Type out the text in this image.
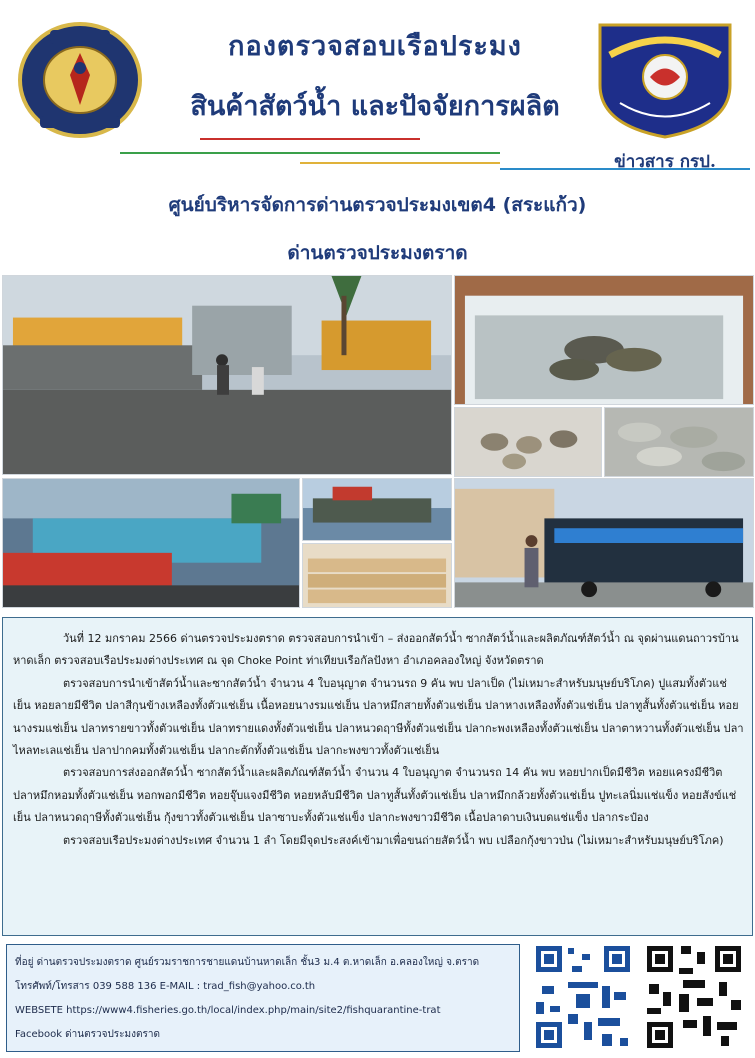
กองตรวจสอบเรือประมง
สินค้าสัตว์น้ำ และปัจจัยการผลิต
ข่าวสาร กรป.
ศูนย์บริหารจัดการด่านตรวจประมงเขต4 (สระแก้ว)
ด่านตรวจประมงตราด

วันที่ 12 มกราคม 2566 ด่านตรวจประมงตราด ตรวจสอบการนำเข้า – ส่งออกสัตว์น้ำ ซากสัตว์น้ำและผลิตภัณฑ์สัตว์น้ำ ณ จุดผ่านแดนถาวรบ้านหาดเล็ก ตรวจสอบเรือประมงต่างประเทศ ณ จุด Choke Point ท่าเทียบเรือกัลปังหา อำเภอคลองใหญ่ จังหวัดตราด

ตรวจสอบการนำเข้าสัตว์น้ำและซากสัตว์น้ำ จำนวน 4 ใบอนุญาต จำนวนรถ 9 คัน พบ ปลาเป็ด (ไม่เหมาะสำหรับมนุษย์บริโภค) ปูแสมทั้งตัวแช่เย็น หอยลายมีชีวิต ปลาสีกุนข้างเหลืองทั้งตัวแช่เย็น เนื้อหอยนางรมแช่เย็น ปลาหมึกสายทั้งตัวแช่เย็น ปลาหางเหลืองทั้งตัวแช่เย็น ปลาทูสั้นทั้งตัวแช่เย็น หอยนางรมแช่เย็น ปลาทรายขาวทั้งตัวแช่เย็น ปลาทรายแดงทั้งตัวแช่เย็น ปลาหนวดฤาษีทั้งตัวแช่เย็น ปลากะพงเหลืองทั้งตัวแช่เย็น ปลาตาหวานทั้งตัวแช่เย็น ปลาไหลทะเลแช่เย็น ปลาปากคมทั้งตัวแช่เย็น ปลากะตักทั้งตัวแช่เย็น ปลากะพงขาวทั้งตัวแช่เย็น

ตรวจสอบการส่งออกสัตว์น้ำ ซากสัตว์น้ำและผลิตภัณฑ์สัตว์น้ำ จำนวน 4 ใบอนุญาต จำนวนรถ 14 คัน พบ หอยปากเป็ดมีชีวิต หอยแครงมีชีวิต ปลาหมึกหอมทั้งตัวแช่เย็น หอกพอกมีชีวิต หอยจุ๊บแจงมีชีวิต หอยหลับมีชีวิต ปลาทูสั้นทั้งตัวแช่เย็น ปลาหมึกกล้วยทั้งตัวแช่เย็น ปูทะเลนิ่มแช่แข็ง หอยสังข์แช่เย็น ปลาหนวดฤาษีทั้งตัวแช่เย็น กุ้งขาวทั้งตัวแช่เย็น ปลาซาบะทั้งตัวแช่แข็ง ปลากะพงขาวมีชีวิต เนื้อปลาดาบเงินบดแช่แข็ง ปลากระป๋อง

ตรวจสอบเรือประมงต่างประเทศ จำนวน 1 ลำ โดยมีจุดประสงค์เข้ามาเพื่อขนถ่ายสัตว์น้ำ พบ เปลือกกุ้งขาวป่น (ไม่เหมาะสำหรับมนุษย์บริโภค)

ที่อยู่ ด่านตรวจประมงตราด ศูนย์รวมราชการชายแดนบ้านหาดเล็ก ชั้น3 ม.4 ต.หาดเล็ก อ.คลองใหญ่ จ.ตราด
โทรศัพท์/โทรสาร 039 588 136 E-MAIL : trad_fish@yahoo.co.th
WEBSETE https://www4.fisheries.go.th/local/index.php/main/site2/fishquarantine-trat
Facebook ด่านตรวจประมงตราด
